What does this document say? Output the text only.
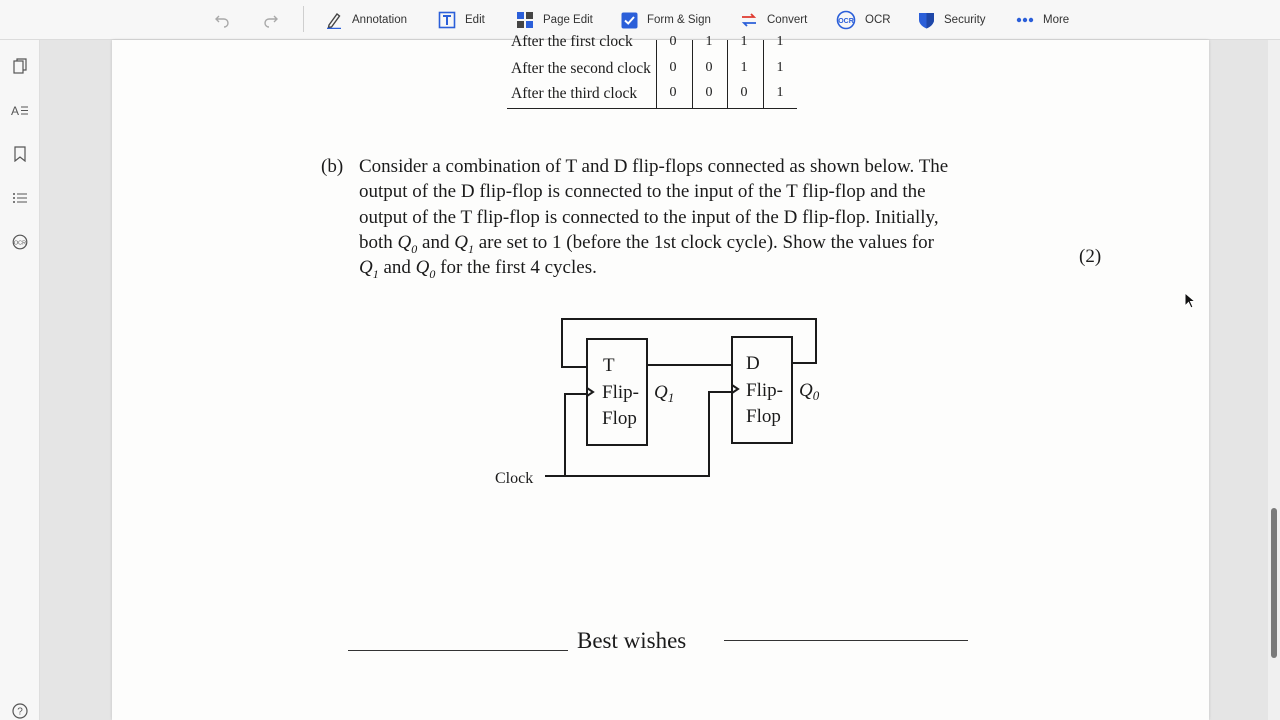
Annotation	Edit	Page Edit	Form & Sign	Convert	OCR OCR	Security	More
A
OCR
?
After the first clock	0	1	1	1
After the second clock	0	0	1	1
After the third clock	0	0	0	1
(b) Consider a combination of T and D flip-flops connected as shown below. The
output of the D flip-flop is connected to the input of the T flip-flop and the
output of the T flip-flop is connected to the input of the D flip-flop. Initially,
both $Q_0$ and $Q_1$ are set to 1 (before the 1st clock cycle). Show the values for
$Q_1$ and $Q_0$ for the first 4 cycles.
(2)
T
Flip-
Flop
D
Flip-
Flop
$Q_1$	$Q_0$
Clock
Best wishes
